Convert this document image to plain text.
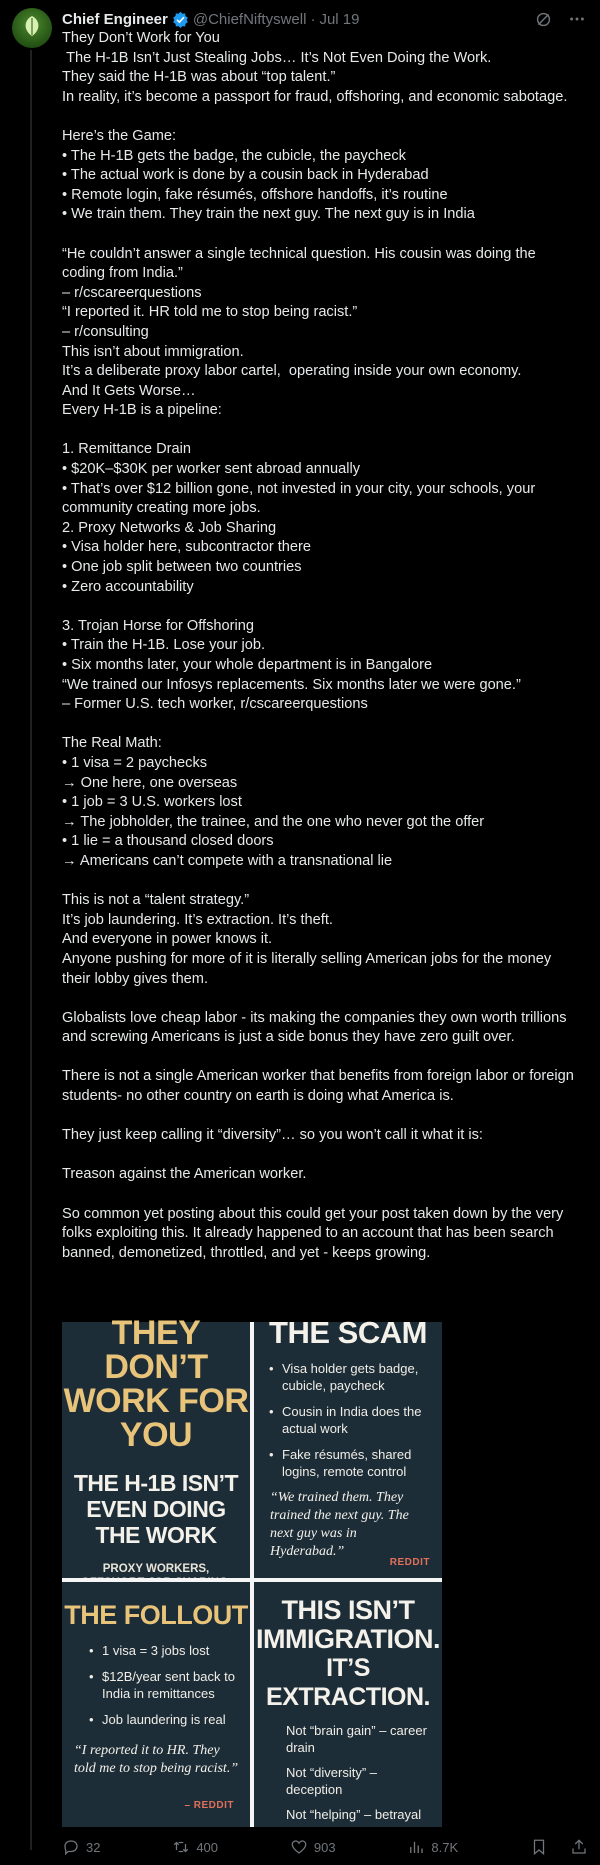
Chief Engineer @ChiefNiftyswell · Jul 19
They Don’t Work for You
The H-1B Isn’t Just Stealing Jobs… It’s Not Even Doing the Work.
They said the H-1B was about “top talent.”
In reality, it’s become a passport for fraud, offshoring, and economic sabotage.

Here’s the Game:
• The H-1B gets the badge, the cubicle, the paycheck
• The actual work is done by a cousin back in Hyderabad
• Remote login, fake résumés, offshore handoffs, it’s routine
• We train them. They train the next guy. The next guy is in India

“He couldn’t answer a single technical question. His cousin was doing the coding from India.”
– r/cscareerquestions
“I reported it. HR told me to stop being racist.”
– r/consulting
This isn’t about immigration.
It’s a deliberate proxy labor cartel,  operating inside your own economy.
And It Gets Worse…
Every H-1B is a pipeline:

1. Remittance Drain
• $20K–$30K per worker sent abroad annually
• That’s over $12 billion gone, not invested in your city, your schools, your community creating more jobs.
2. Proxy Networks & Job Sharing
• Visa holder here, subcontractor there
• One job split between two countries
• Zero accountability

3. Trojan Horse for Offshoring
• Train the H-1B. Lose your job.
• Six months later, your whole department is in Bangalore
“We trained our Infosys replacements. Six months later we were gone.”
– Former U.S. tech worker, r/cscareerquestions

The Real Math:
• 1 visa = 2 paychecks
→ One here, one overseas
• 1 job = 3 U.S. workers lost
→ The jobholder, the trainee, and the one who never got the offer
• 1 lie = a thousand closed doors
→ Americans can’t compete with a transnational lie

This is not a “talent strategy.”
It’s job laundering. It’s extraction. It’s theft.
And everyone in power knows it.
Anyone pushing for more of it is literally selling American jobs for the money their lobby gives them.

Globalists love cheap labor - its making the companies they own worth trillions and screwing Americans is just a side bonus they have zero guilt over.

There is not a single American worker that benefits from foreign labor or foreign students- no other country on earth is doing what America is.

They just keep calling it “diversity”… so you won’t call it what it is:

Treason against the American worker.

So common yet posting about this could get your post taken down by the very folks exploiting this. It already happened to an account that has been search banned, demonetized, throttled, and yet - keeps growing.
THEY DON’T
WORK FOR
YOU
THE H-1B ISN’T
EVEN DOING
THE WORK
PROXY WORKERS,
THE SCAM
• Visa holder gets badge, cubicle, paycheck
• Cousin in India does the actual work
• Fake résumés, shared logins, remote control
“We trained them. They trained the next guy. The next guy was in Hyderabad.”
REDDIT
THE FOLLOUT
• 1 visa = 3 jobs lost
• $12B/year sent back to India in remittances
• Job laundering is real
“I reported it to HR. They told me to stop being racist.”
– REDDIT
THIS ISN’T
IMMIGRATION.
IT’S EXTRACTION.
Not “brain gain” – career drain
Not “diversity” – deception
Not “helping” – betrayal
32	400	903	8.7K
